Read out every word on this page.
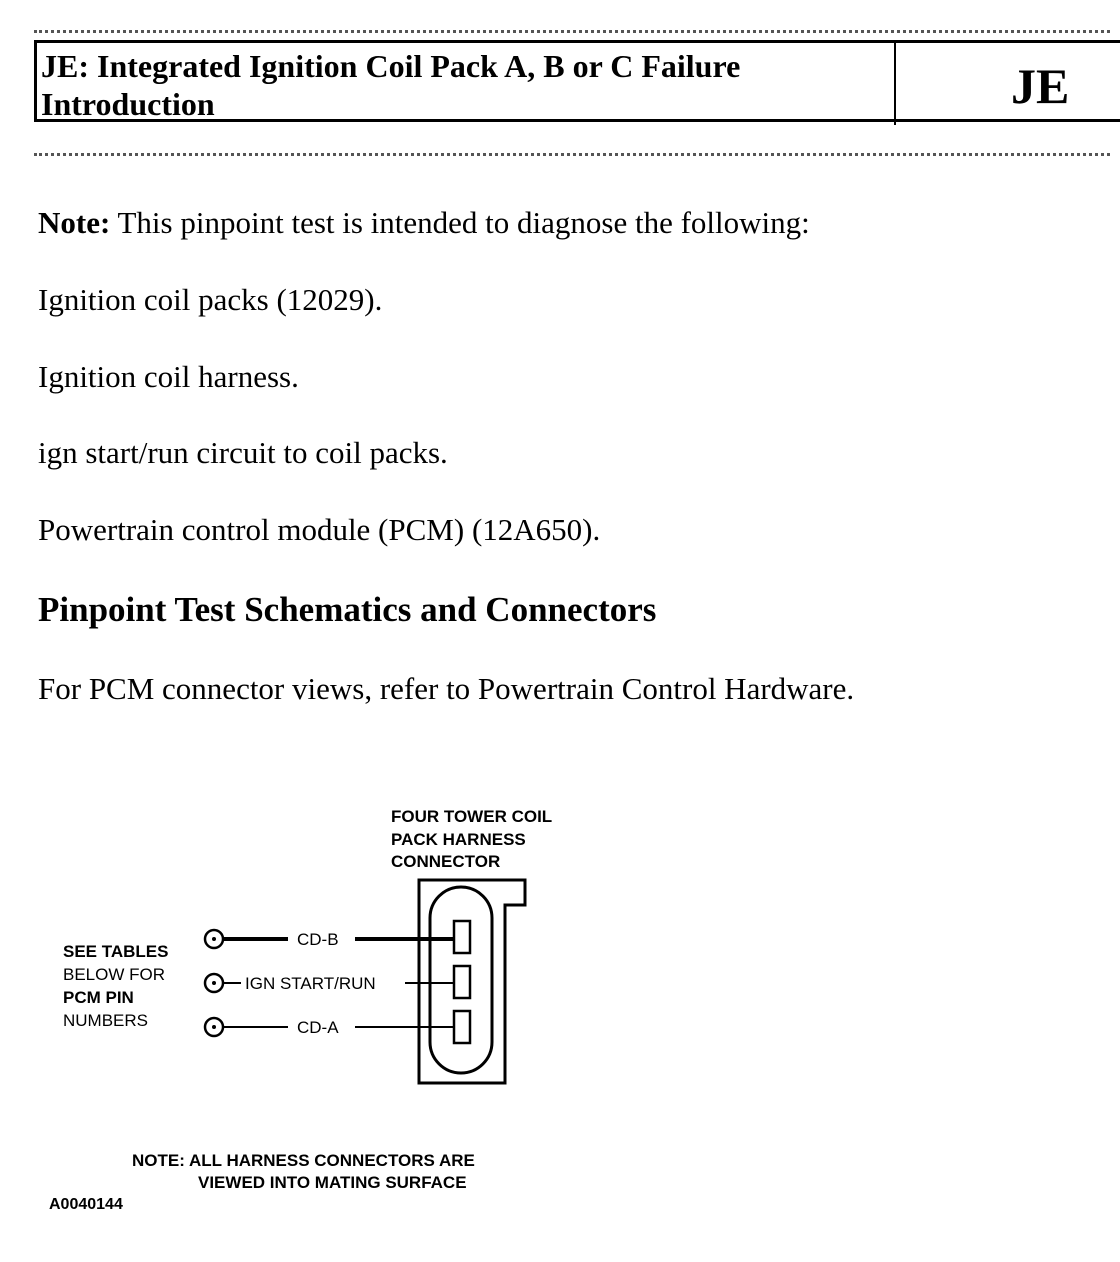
JE: Integrated Ignition Coil Pack A, B or C Failure
Introduction	JE
Note: This pinpoint test is intended to diagnose the following:
Ignition coil packs (12029).
Ignition coil harness.
ign start/run circuit to coil packs.
Powertrain control module (PCM) (12A650).
Pinpoint Test Schematics and Connectors
For PCM connector views, refer to Powertrain Control Hardware.
FOUR TOWER COIL
PACK HARNESS
CONNECTOR
SEE TABLES
BELOW FOR
PCM PIN
NUMBERS
CD-B
IGN START/RUN
CD-A
NOTE: ALL HARNESS CONNECTORS ARE
VIEWED INTO MATING SURFACE
A0040144
